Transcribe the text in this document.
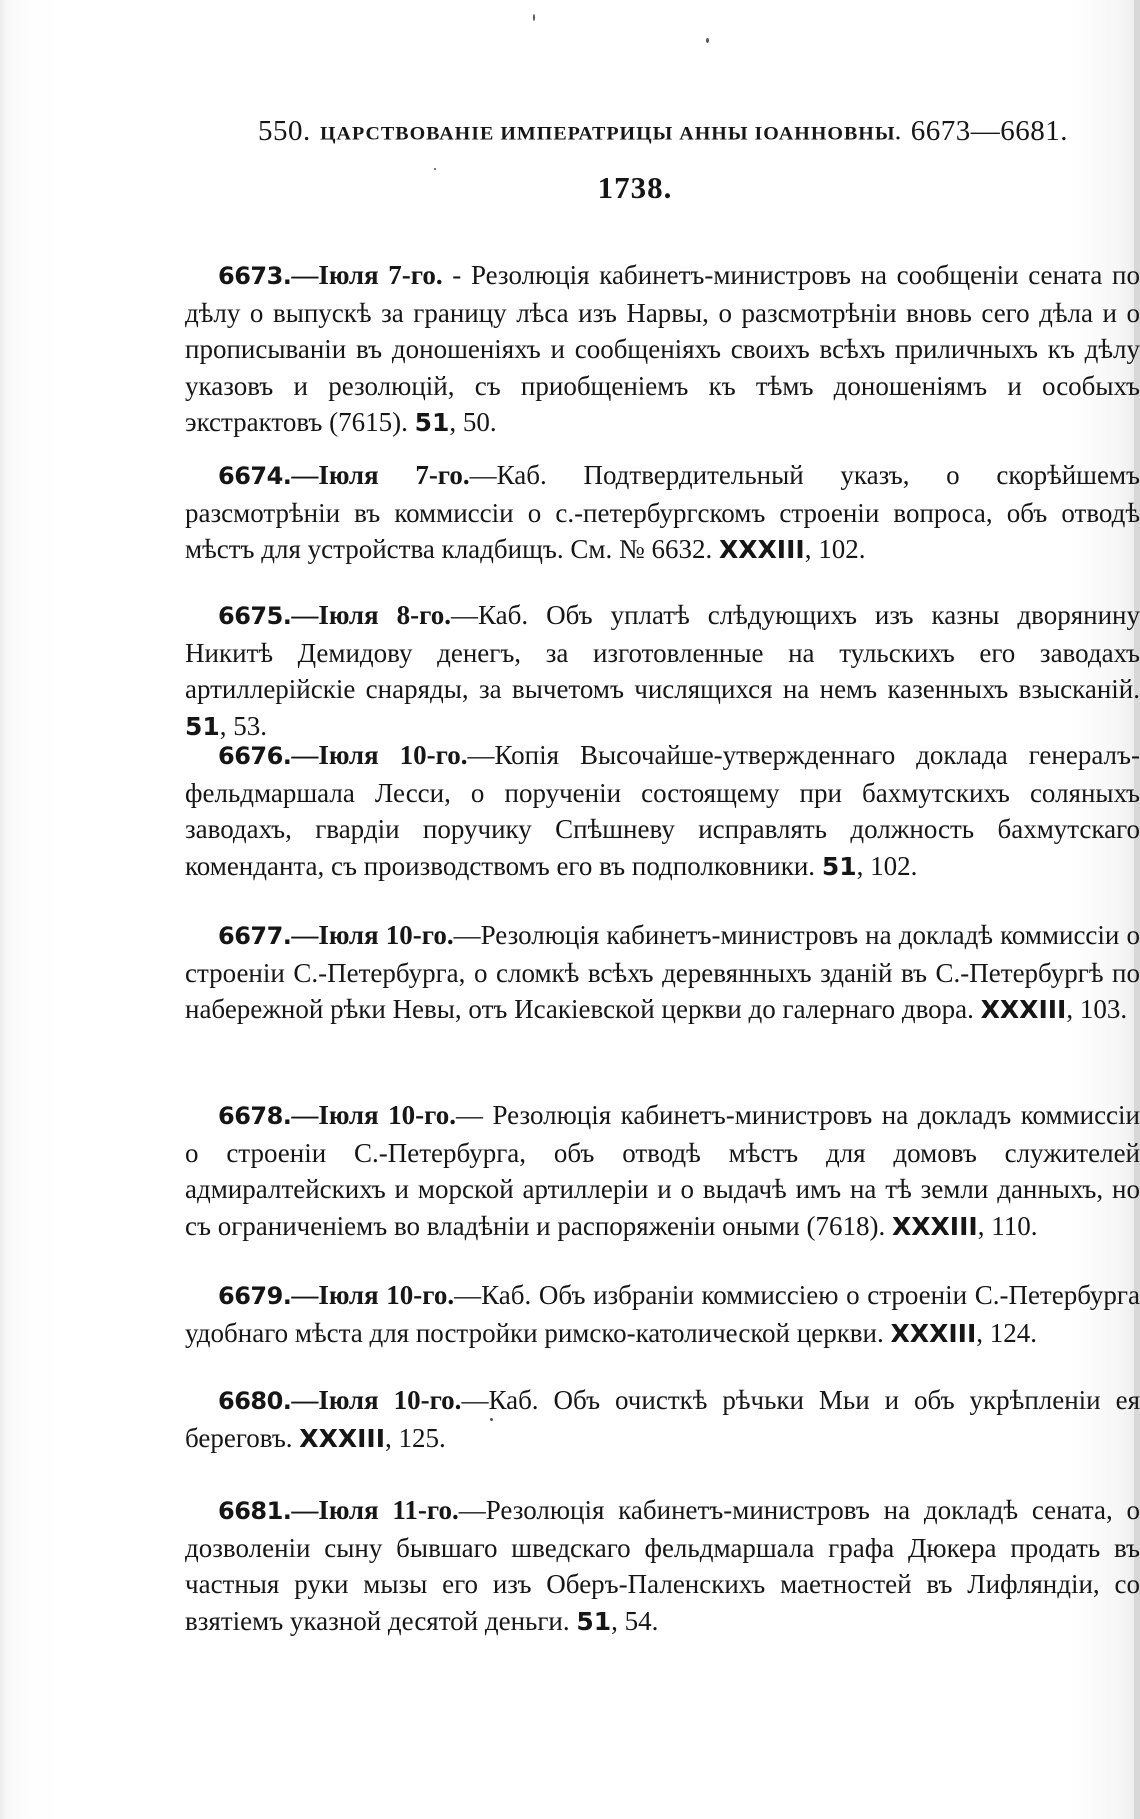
550. ЦАРСТВОВАНІЕ ИМПЕРАТРИЦЫ АННЫ ІОАННОВНЫ. 6673—6681.
1738.

6673.—Іюля 7-го. - Резолюція кабинетъ-министровъ на сообщеніи сената по дѣлу о выпускѣ за границу лѣса изъ Нарвы, о разсмотрѣніи вновь сего дѣла и о прописываніи въ доношеніяхъ и сообщеніяхъ своихъ всѣхъ приличныхъ къ дѣлу указовъ и резолюцій, съ приобщеніемъ къ тѣмъ доношеніямъ и особыхъ экстрактовъ (7615). 51, 50.

6674.—Іюля 7-го.—Каб. Подтвердительный указъ, о скорѣйшемъ разсмотрѣніи въ коммиссіи о с.-петербургскомъ строеніи вопроса, объ отводѣ мѣстъ для устройства кладбищъ. См. № 6632. XXXIII, 102.

6675.—Іюля 8-го.—Каб. Объ уплатѣ слѣдующихъ изъ казны дворянину Никитѣ Демидову денегъ, за изготовленные на тульскихъ его заводахъ артиллерійскіе снаряды, за вычетомъ числящихся на немъ казенныхъ взысканій. 51, 53.

6676.—Іюля 10-го.—Копія Высочайше-утвержденнаго доклада генералъ-фельдмаршала Лесси, о порученіи состоящему при бахмутскихъ соляныхъ заводахъ, гвардіи поручику Спѣшневу исправлять должность бахмутскаго коменданта, съ производствомъ его въ подполковники. 51, 102.

6677.—Іюля 10-го.—Резолюція кабинетъ-министровъ на докладѣ коммиссіи о строеніи С.-Петербурга, о сломкѣ всѣхъ деревянныхъ зданій въ С.-Петербургѣ по набережной рѣки Невы, отъ Исакіевской церкви до галернаго двора. XXXIII, 103.

6678.—Іюля 10-го.— Резолюція кабинетъ-министровъ на докладъ коммиссіи о строеніи С.-Петербурга, объ отводѣ мѣстъ для домовъ служителей адмиралтейскихъ и морской артиллеріи и о выдачѣ имъ на тѣ земли данныхъ, но съ ограниченіемъ во владѣніи и распоряженіи оными (7618). XXXIII, 110.

6679.—Іюля 10-го.—Каб. Объ избраніи коммиссіею о строеніи С.-Петербурга удобнаго мѣста для постройки римско-католической церкви. XXXIII, 124.

6680.—Іюля 10-го.—Каб. Объ очисткѣ рѣчьки Мьи и объ укрѣпленіи ея береговъ. XXXIII, 125.

6681.—Іюля 11-го.—Резолюція кабинетъ-министровъ на докладѣ сената, о дозволеніи сыну бывшаго шведскаго фельдмаршала графа Дюкера продать въ частныя руки мызы его изъ Оберъ-Паленскихъ маетностей въ Лифляндіи, со взятіемъ указной десятой деньги. 51, 54.
